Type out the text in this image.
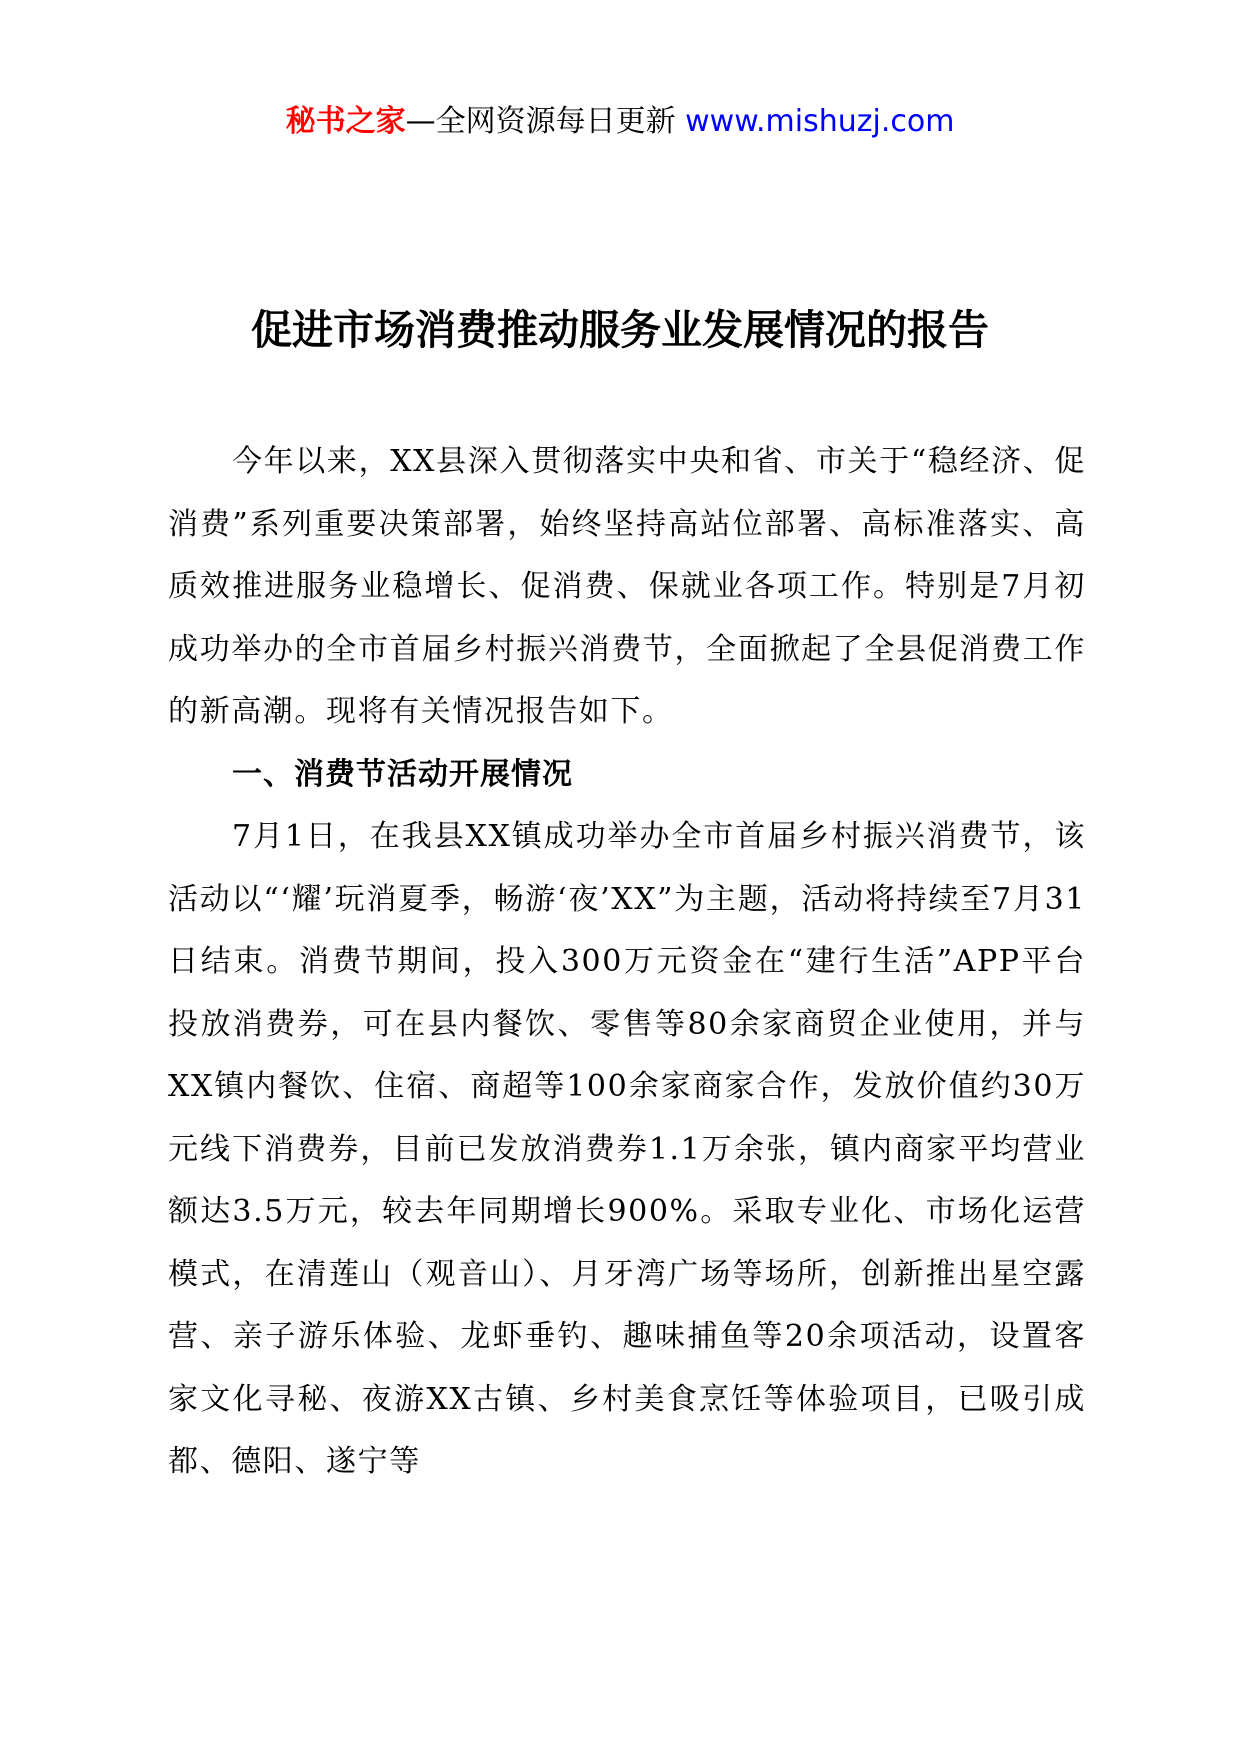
秘书之家—全网资源每日更新 www.mishuzj.com
促进市场消费推动服务业发展情况的报告

今年以来，XX县深入贯彻落实中央和省、市关于“稳经济、促消费”系列重要决策部署，始终坚持高站位部署、高标准落实、高质效推进服务业稳增长、促消费、保就业各项工作。特别是7月初成功举办的全市首届乡村振兴消费节，全面掀起了全县促消费工作的新高潮。现将有关情况报告如下。

一、消费节活动开展情况

7月1日，在我县XX镇成功举办全市首届乡村振兴消费节，该活动以“‘耀’玩消夏季，畅游‘夜’XX”为主题，活动将持续至7月31日结束。消费节期间，投入300万元资金在“建行生活”APP平台投放消费券，可在县内餐饮、零售等80余家商贸企业使用，并与XX镇内餐饮、住宿、商超等100余家商家合作，发放价值约30万元线下消费券，目前已发放消费券1.1万余张，镇内商家平均营业额达3.5万元，较去年同期增长900%。采取专业化、市场化运营模式，在清莲山（观音山）、月牙湾广场等场所，创新推出星空露营、亲子游乐体验、龙虾垂钓、趣味捕鱼等20余项活动，设置客家文化寻秘、夜游XX古镇、乡村美食烹饪等体验项目，已吸引成都、德阳、遂宁等
